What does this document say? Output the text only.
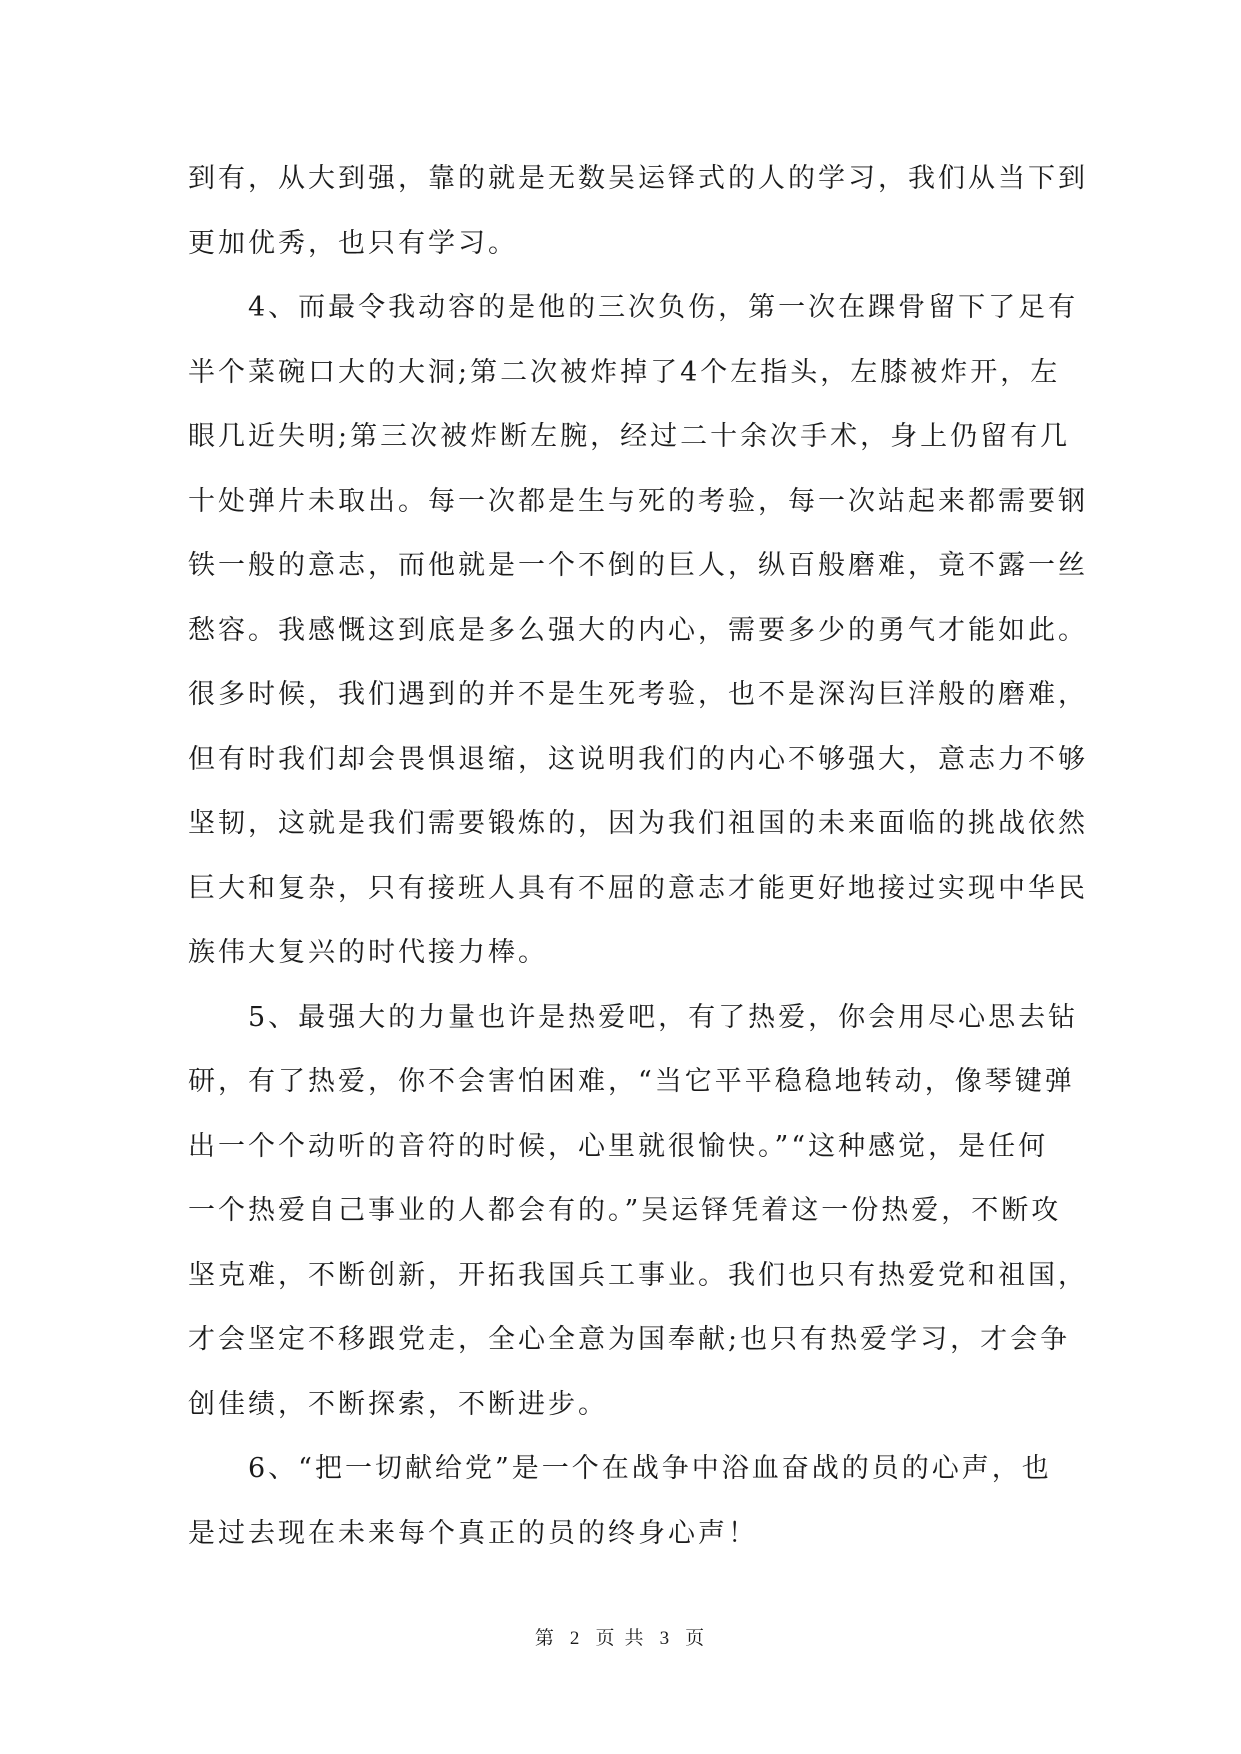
到有，从大到强，靠的就是无数吴运铎式的人的学习，我们从当下到
更加优秀，也只有学习。
　　4、而最令我动容的是他的三次负伤，第一次在踝骨留下了足有
半个菜碗口大的大洞;第二次被炸掉了4个左指头，左膝被炸开，左
眼几近失明;第三次被炸断左腕，经过二十余次手术，身上仍留有几
十处弹片未取出。每一次都是生与死的考验，每一次站起来都需要钢
铁一般的意志，而他就是一个不倒的巨人，纵百般磨难，竟不露一丝
愁容。我感慨这到底是多么强大的内心，需要多少的勇气才能如此。
很多时候，我们遇到的并不是生死考验，也不是深沟巨洋般的磨难，
但有时我们却会畏惧退缩，这说明我们的内心不够强大，意志力不够
坚韧，这就是我们需要锻炼的，因为我们祖国的未来面临的挑战依然
巨大和复杂，只有接班人具有不屈的意志才能更好地接过实现中华民
族伟大复兴的时代接力棒。
　　5、最强大的力量也许是热爱吧，有了热爱，你会用尽心思去钻
研，有了热爱，你不会害怕困难，“当它平平稳稳地转动，像琴键弹
出一个个动听的音符的时候，心里就很愉快。”“这种感觉，是任何
一个热爱自己事业的人都会有的。”吴运铎凭着这一份热爱，不断攻
坚克难，不断创新，开拓我国兵工事业。我们也只有热爱党和祖国，
才会坚定不移跟党走，全心全意为国奉献;也只有热爱学习，才会争
创佳绩，不断探索，不断进步。
　　6、“把一切献给党”是一个在战争中浴血奋战的员的心声，也
是过去现在未来每个真正的员的终身心声！
第 2 页 共 3 页
